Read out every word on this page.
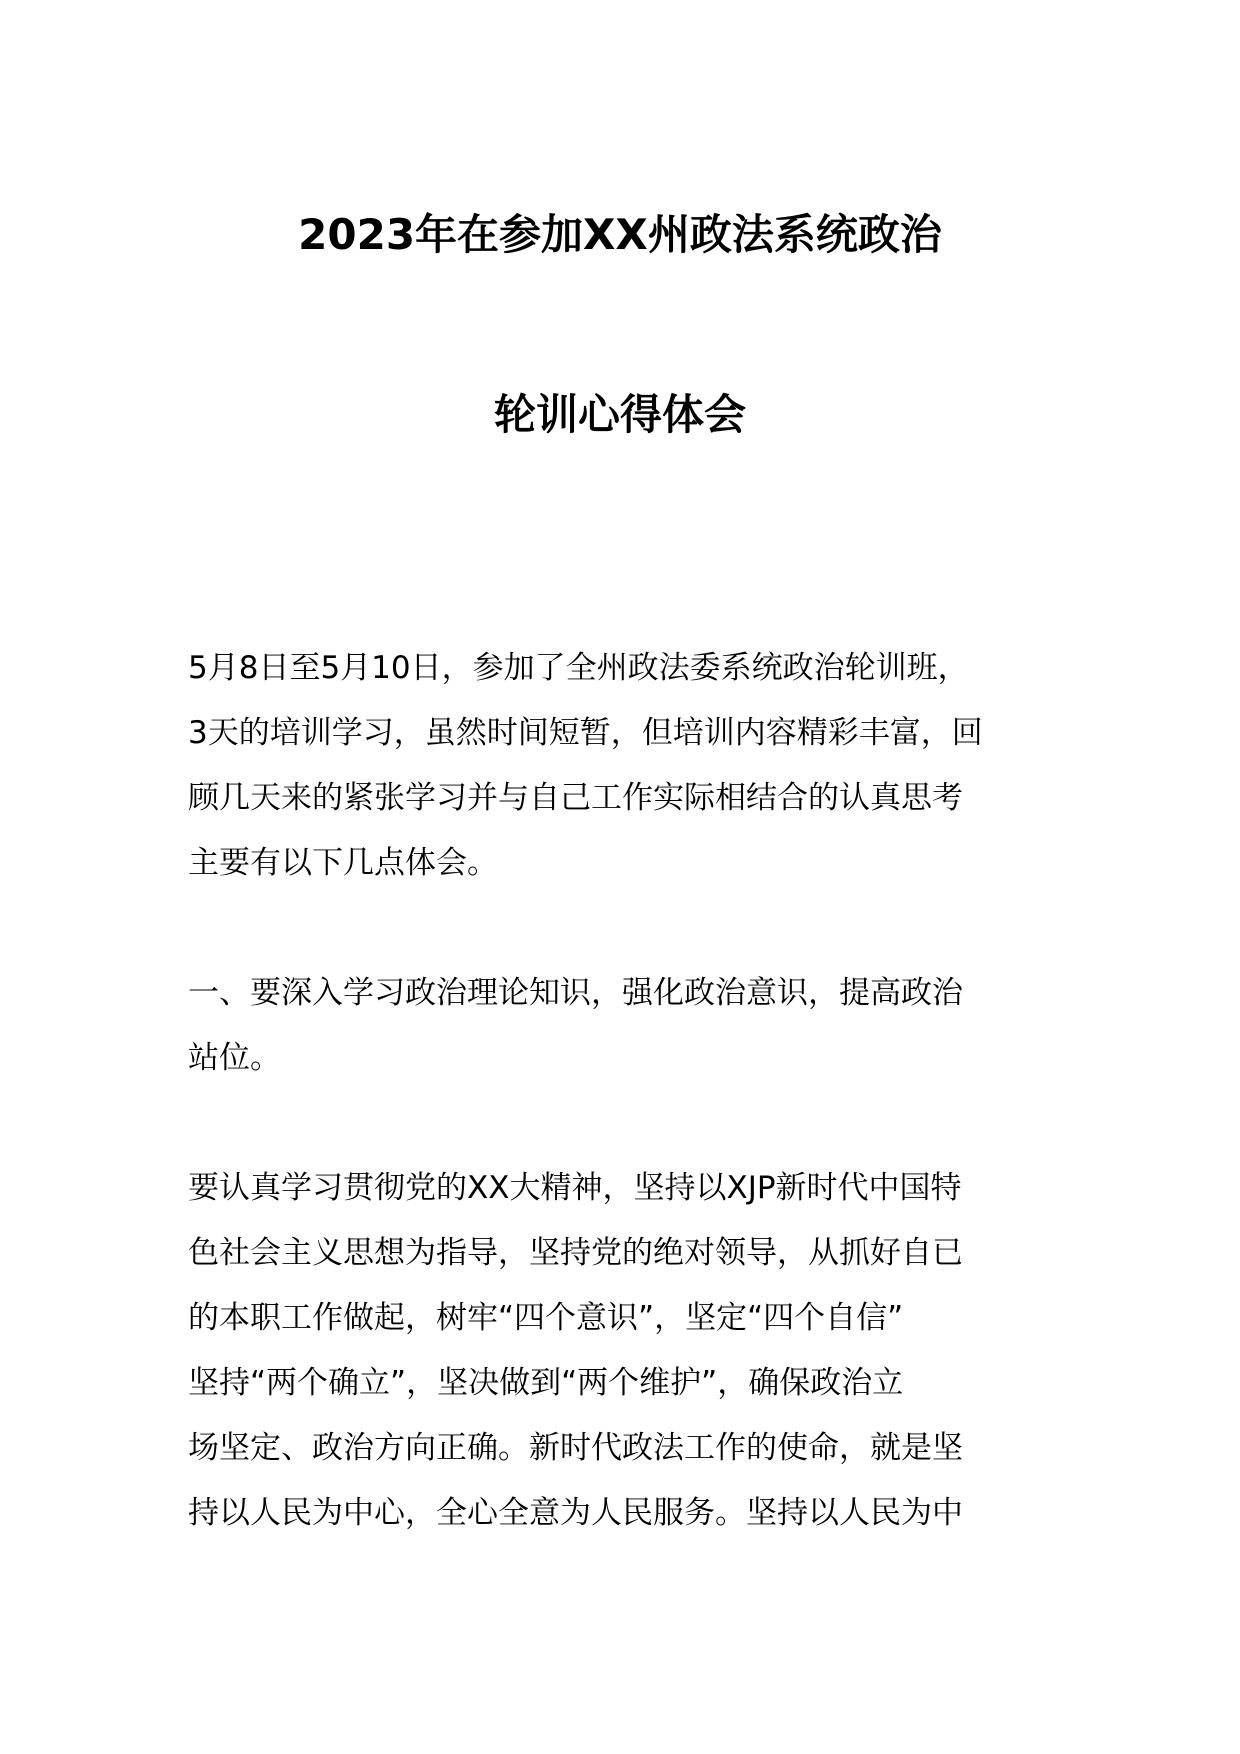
2023年在参加XX州政法系统政治
轮训心得体会
5月8日至5月10日，参加了全州政法委系统政治轮训班，
3天的培训学习，虽然时间短暂，但培训内容精彩丰富，回
顾几天来的紧张学习并与自己工作实际相结合的认真思考
主要有以下几点体会。
一、要深入学习政治理论知识，强化政治意识，提高政治
站位。
要认真学习贯彻党的XX大精神，坚持以XJP新时代中国特
色社会主义思想为指导，坚持党的绝对领导，从抓好自已
的本职工作做起，树牢“四个意识”，坚定“四个自信”
坚持“两个确立”，坚决做到“两个维护”，确保政治立
场坚定、政治方向正确。新时代政法工作的使命，就是坚
持以人民为中心，全心全意为人民服务。坚持以人民为中
